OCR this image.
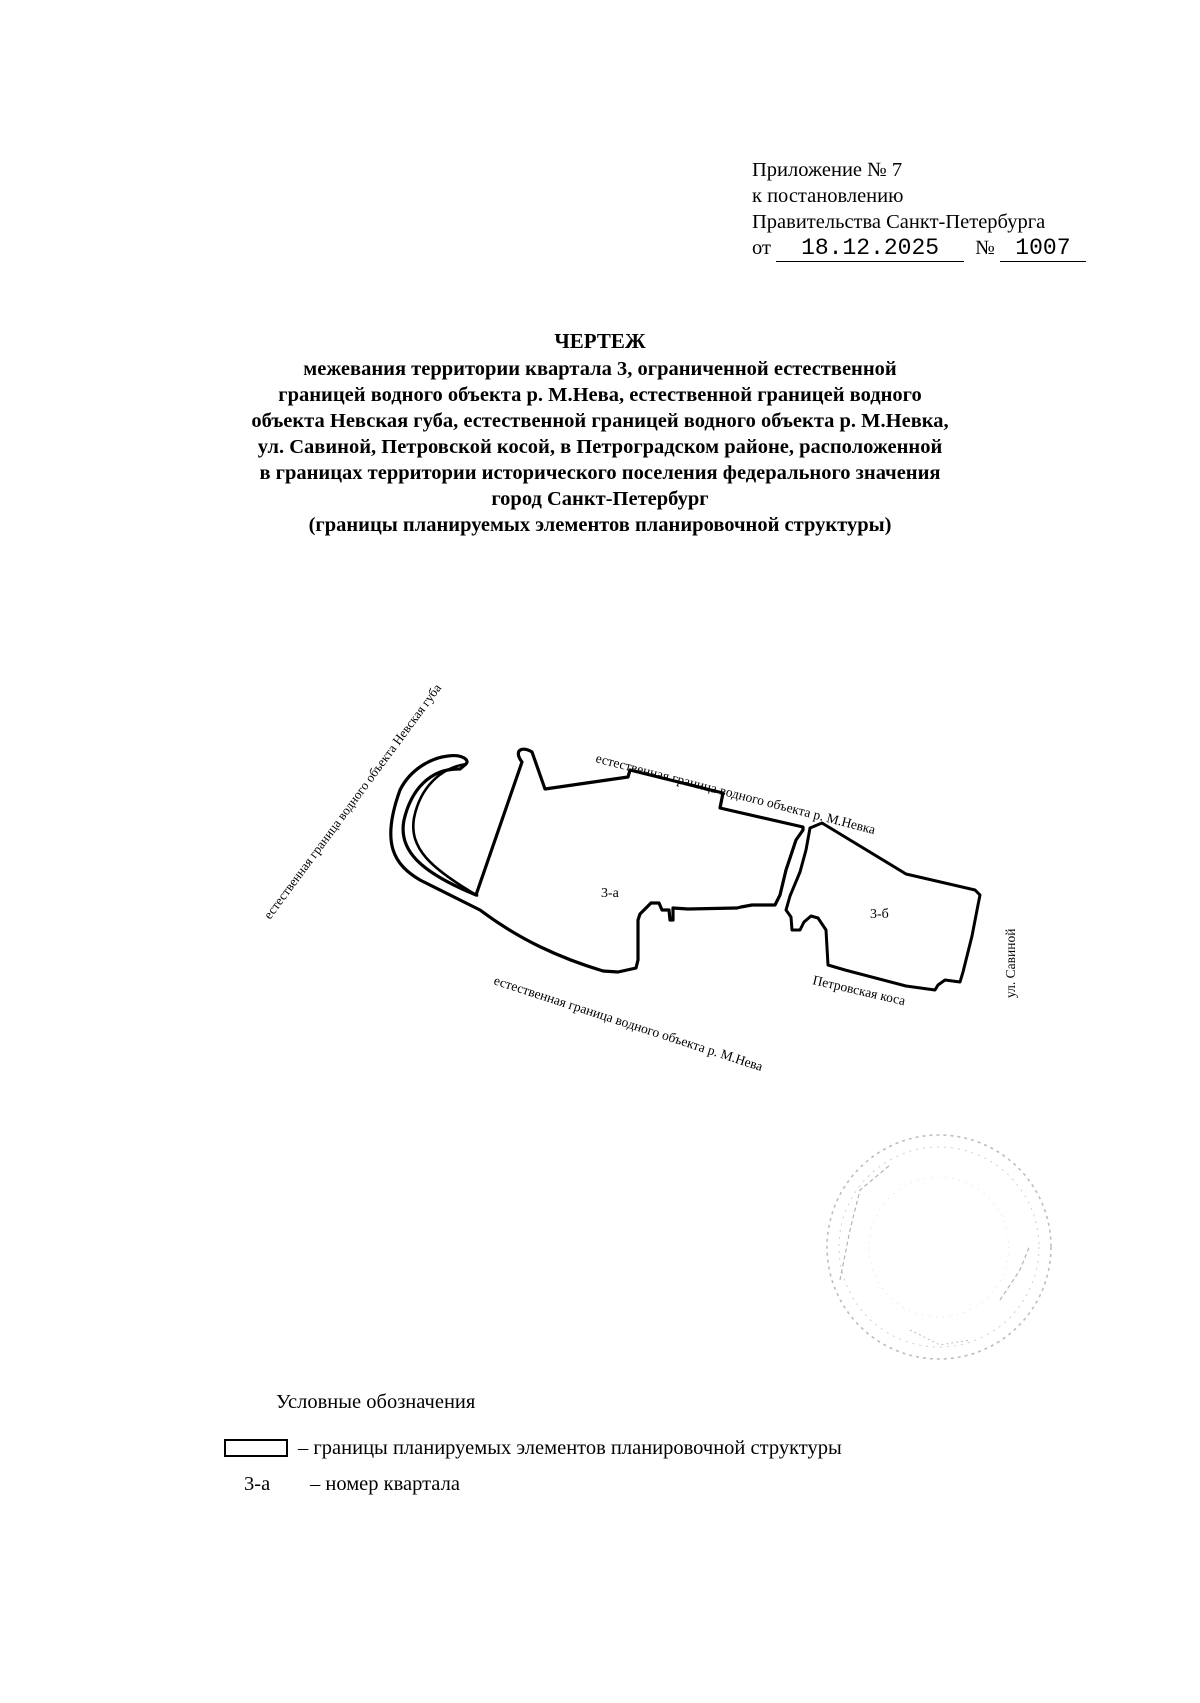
Приложение № 7
к постановлению
Правительства Санкт-Петербурга
от 18.12.2025 № 1007
ЧЕРТЕЖ
межевания территории квартала 3, ограниченной естественной
границей водного объекта р. М.Нева, естественной границей водного
объекта Невская губа, естественной границей водного объекта р. М.Невка,
ул. Савиной, Петровской косой, в Петроградском районе, расположенной
в границах территории исторического поселения федерального значения
город Санкт-Петербург
(границы планируемых элементов планировочной структуры)
естественная граница водного объекта Невская губа	естественная граница водного объекта р. М.Невка
естественная граница водного объекта р. М.Нева	Петровская коса	ул. Савиной
3-а
3-б
Условные обозначения
– границы планируемых элементов планировочной структуры
3-а – номер квартала
